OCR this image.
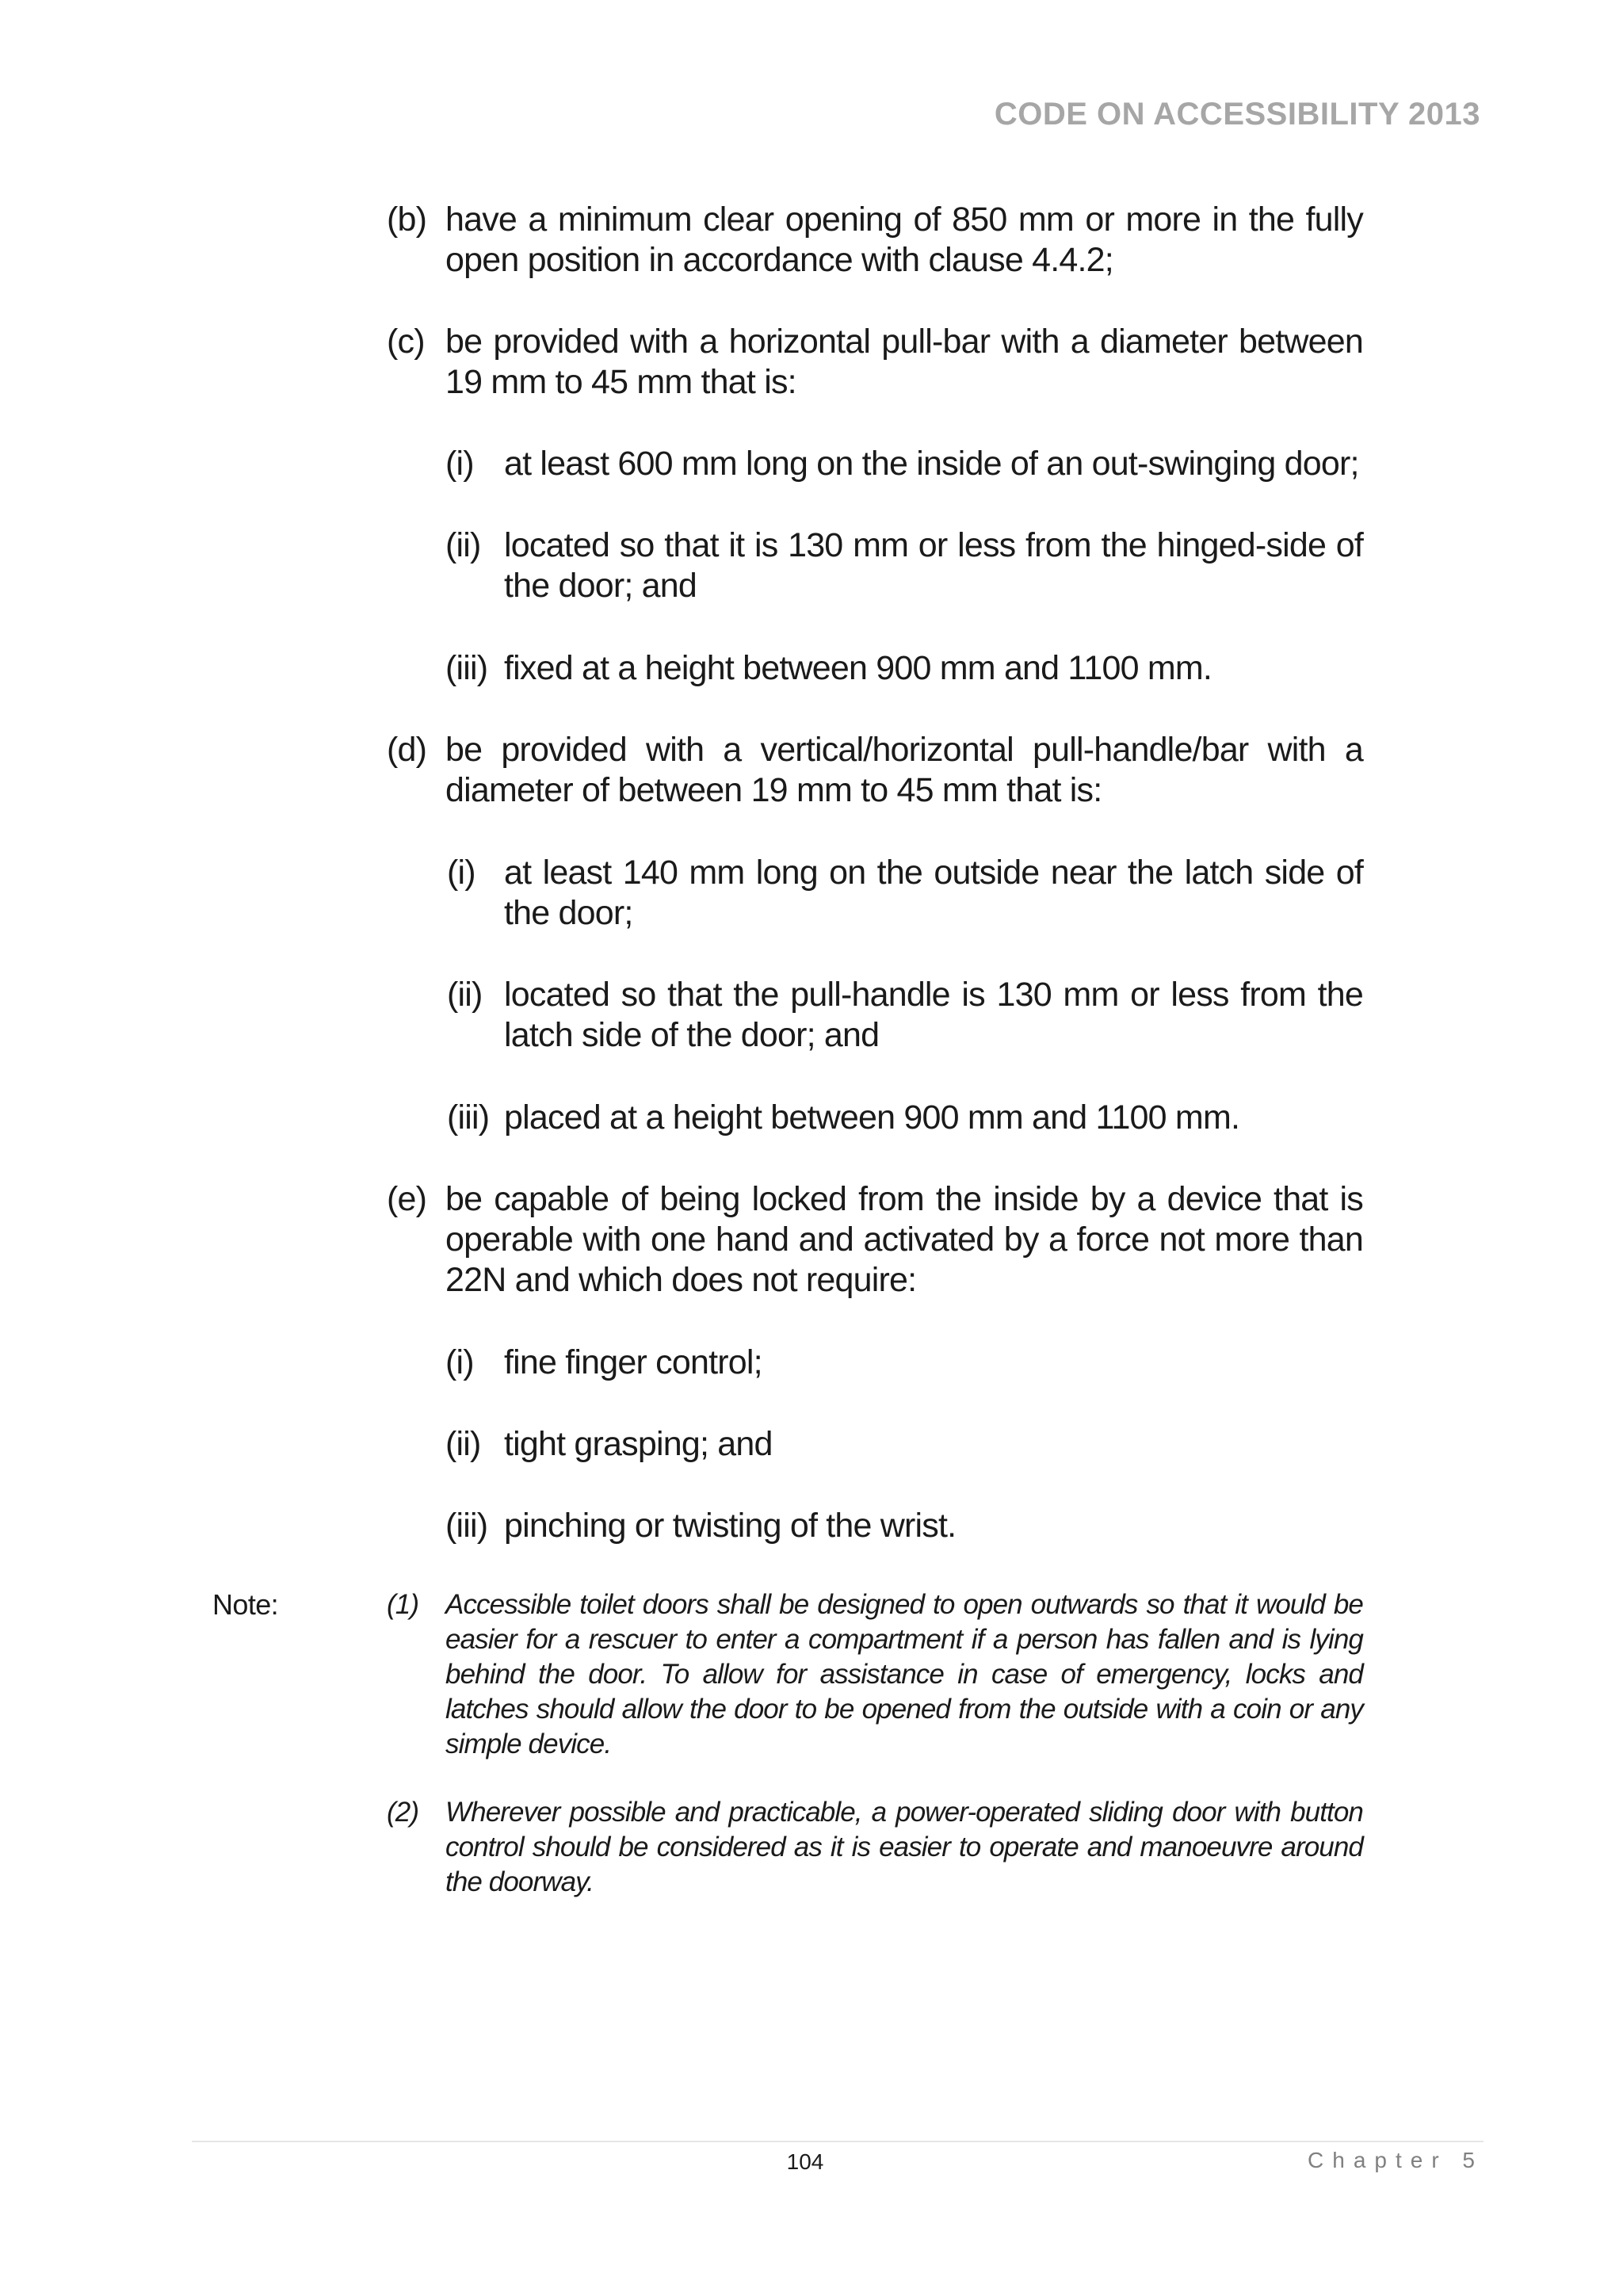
CODE ON ACCESSIBILITY 2013
(b) have a minimum clear opening of 850 mm or more in the fully open position in accordance with clause 4.4.2;
(c) be provided with a horizontal pull-bar with a diameter between 19 mm to 45 mm that is:
(i) at least 600 mm long on the inside of an out-swinging door;
(ii) located so that it is 130 mm or less from the hinged-side of the door; and
(iii) fixed at a height between 900 mm and 1100 mm.
(d) be provided with a vertical/horizontal pull-handle/bar with a diameter of between 19 mm to 45 mm that is:
(i) at least 140 mm long on the outside near the latch side of the door;
(ii) located so that the pull-handle is 130 mm or less from the latch side of the door; and
(iii) placed at a height between 900 mm and 1100 mm.
(e) be capable of being locked from the inside by a device that is operable with one hand and activated by a force not more than 22N and which does not require:
(i) fine finger control;
(ii) tight grasping; and
(iii) pinching or twisting of the wrist.
Note:	(1) Accessible toilet doors shall be designed to open outwards so that it would be easier for a rescuer to enter a compartment if a person has fallen and is lying behind the door. To allow for assistance in case of emergency, locks and latches should allow the door to be opened from the outside with a coin or any simple device.
(2) Wherever possible and practicable, a power-operated sliding door with button control should be considered as it is easier to operate and manoeuvre around the doorway.
104	Chapter 5
